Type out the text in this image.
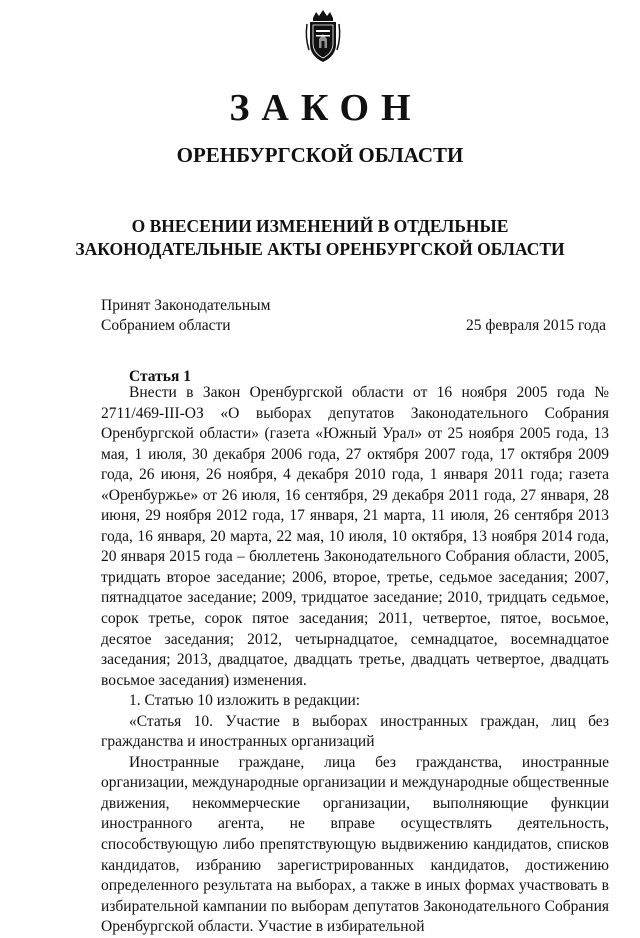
ЗАКОН
ОРЕНБУРГСКОЙ ОБЛАСТИ
О ВНЕСЕНИИ ИЗМЕНЕНИЙ В ОТДЕЛЬНЫЕ
ЗАКОНОДАТЕЛЬНЫЕ АКТЫ ОРЕНБУРГСКОЙ ОБЛАСТИ
Принят Законодательным
Собранием области	25 февраля 2015 года
Статья 1

Внести в Закон Оренбургской области от 16 ноября 2005 года № 2711/469-III-ОЗ «О выборах депутатов Законодательного Собрания Оренбургской области» (газета «Южный Урал» от 25 ноября 2005 года, 13 мая, 1 июля, 30 декабря 2006 года, 27 октября 2007 года, 17 октября 2009 года, 26 июня, 26 ноября, 4 декабря 2010 года, 1 января 2011 года; газета «Оренбуржье» от 26 июля, 16 сентября, 29 декабря 2011 года, 27 января, 28 июня, 29 ноября 2012 года, 17 января, 21 марта, 11 июля, 26 сентября 2013 года, 16 января, 20 марта, 22 мая, 10 июля, 10 октября, 13 ноября 2014 года, 20 января 2015 года – бюллетень Законодательного Собрания области, 2005, тридцать второе заседание; 2006, второе, третье, седьмое заседания; 2007, пятнадцатое заседание; 2009, тридцатое заседание; 2010, тридцать седьмое, сорок третье, сорок пятое заседания; 2011, четвертое, пятое, восьмое, десятое заседания; 2012, четырнадцатое, семнадцатое, восемнадцатое заседания; 2013, двадцатое, двадцать третье, двадцать четвертое, двадцать восьмое заседания) изменения.

1. Статью 10 изложить в редакции:

«Статья 10. Участие в выборах иностранных граждан, лиц без гражданства и иностранных организаций

Иностранные граждане, лица без гражданства, иностранные организации, международные организации и международные общественные движения, некоммерческие организации, выполняющие функции иностранного агента, не вправе осуществлять деятельность, способствующую либо препятствующую выдвижению кандидатов, списков кандидатов, избранию зарегистрированных кандидатов, достижению определенного результата на выборах, а также в иных формах участвовать в избирательной кампании по выборам депутатов Законодательного Собрания Оренбургской области. Участие в избирательной
